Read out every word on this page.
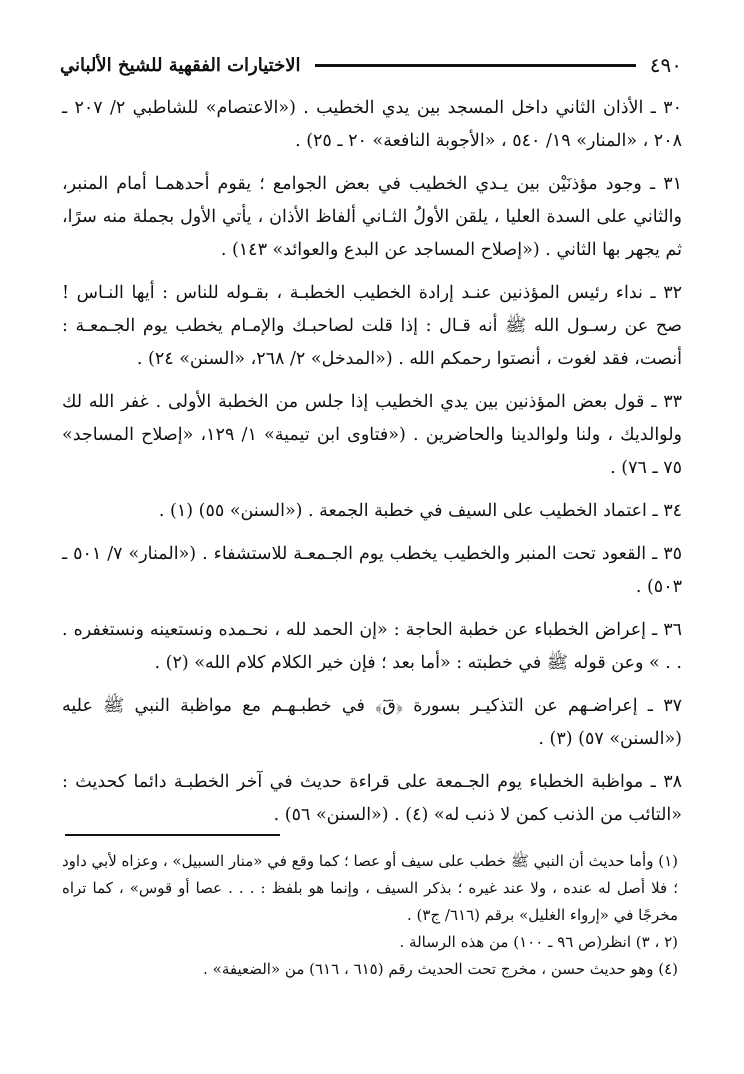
٤٩٠
الاختيارات الفقهية للشيخ الألباني

٣٠ ـ الأذان الثاني داخل المسجد بين يدي الخطيب . («الاعتصام» للشاطبي ٢/ ٢٠٧ ـ ٢٠٨ ، «المنار» ١٩/ ٥٤٠ ، «الأجوبة النافعة» ٢٠ ـ ٢٥) .

٣١ ـ وجود مؤذنَيْن بين يـدي الخطيب في بعض الجوامع ؛ يقوم أحدهمـا أمام المنبر، والثاني على السدة العليا ، يلقن الأولُ الثـاني ألفاظ الأذان ، يأتي الأول بجملة منه سرًا، ثم يجهر بها الثاني . («إصلاح المساجد عن البدع والعوائد» ١٤٣) .

٣٢ ـ نداء رئيس المؤذنين عنـد إرادة الخطيب الخطبـة ، بقـوله للناس : أيها النـاس ! صح عن رسـول الله ﷺ أنه قـال : إذا قلت لصاحبـك والإمـام يخطب يوم الجـمعـة : أنصت، فقد لغوت ، أنصتوا رحمكم الله . («المدخل» ٢/ ٢٦٨، «السنن» ٢٤) .

٣٣ ـ قول بعض المؤذنين بين يدي الخطيب إذا جلس من الخطبة الأولى . غفر الله لك ولوالديك ، ولنا ولوالدينا والحاضرين . («فتاوى ابن تيمية» ١/ ١٢٩، «إصلاح المساجد» ٧٥ ـ ٧٦) .

٣٤ ـ اعتماد الخطيب على السيف في خطبة الجمعة . («السنن» ٥٥) (١) .

٣٥ ـ القعود تحت المنبر والخطيب يخطب يوم الجـمعـة للاستشفاء . («المنار» ٧/ ٥٠١ ـ ٥٠٣) .

٣٦ ـ إعراض الخطباء عن خطبة الحاجة : «إن الحمد لله ، نحـمده ونستعينه ونستغفره . . . » وعن قوله ﷺ في خطبته : «أما بعد ؛ فإن خير الكلام كلام الله» (٢) .

٣٧ ـ إعراضـهم عن التذكيـر بسورة ﴿قٓ﴾ في خطبـهـم مع مواظبة النبي ﷺ عليه («السنن» ٥٧) (٣) .

٣٨ ـ مواظبة الخطباء يوم الجـمعة على قراءة حديث في آخر الخطبـة دائما كحديث : «التائب من الذنب كمن لا ذنب له» (٤) . («السنن» ٥٦) .

(١) وأما حديث أن النبي ﷺ خطب على سيف أو عصا ؛ كما وقع في «منار السبيل» ، وعزاه لأبي داود ؛ فلا أصل له عنده ، ولا عند غيره ؛ بذكر السيف ، وإنما هو بلفظ : . . . عصا أو قوس» ، كما تراه مخرجًا في «إرواء الغليل» برقم (٦١٦/ ج٣) .

(٢ ، ٣) انظر(ص ٩٦ ـ ١٠٠) من هذه الرسالة .

(٤) وهو حديث حسن ، مخرج تحت الحديث رقم (٦١٥ ، ٦١٦) من «الضعيفة» .
